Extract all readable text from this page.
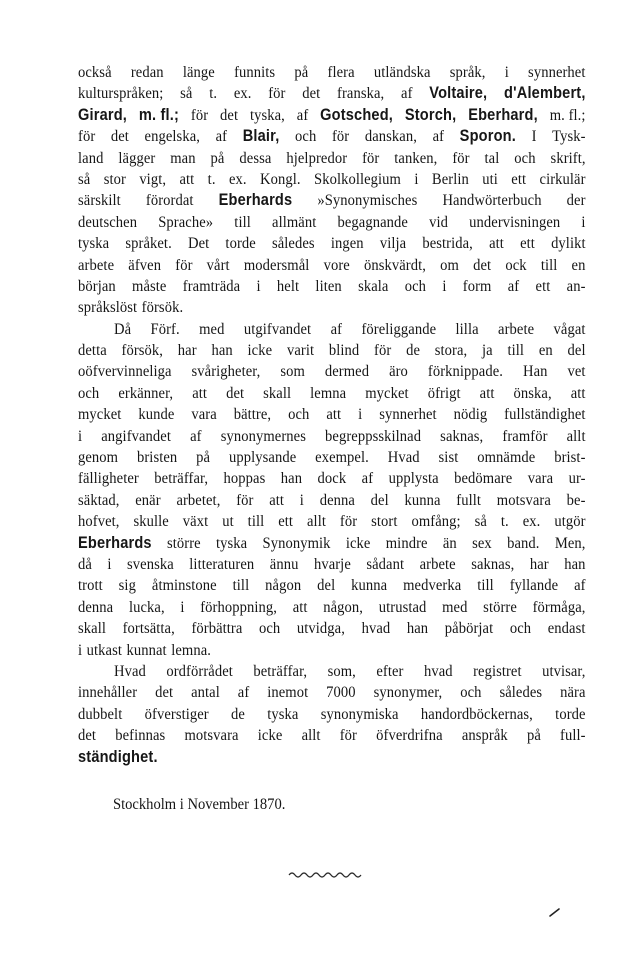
också redan länge funnits på flera utländska språk, i synnerhet
kulturspråken; så t. ex. för det franska, af Voltaire, d'Alembert,
Girard, m. fl.; för det tyska, af Gotsched, Storch, Eberhard, m. fl.;
för det engelska, af Blair, och för danskan, af Sporon. I Tysk-
land lägger man på dessa hjelpredor för tanken, för tal och skrift,
så stor vigt, att t. ex. Kongl. Skolkollegium i Berlin uti ett cirkulär
särskilt förordat Eberhards »Synonymisches Handwörterbuch der
deutschen Sprache» till allmänt begagnande vid undervisningen i
tyska språket. Det torde således ingen vilja bestrida, att ett dylikt
arbete äfven för vårt modersmål vore önskvärdt, om det ock till en
början måste framträda i helt liten skala och i form af ett an-
språkslöst försök.
Då Förf. med utgifvandet af föreliggande lilla arbete vågat
detta försök, har han icke varit blind för de stora, ja till en del
oöfvervinneliga svårigheter, som dermed äro förknippade. Han vet
och erkänner, att det skall lemna mycket öfrigt att önska, att
mycket kunde vara bättre, och att i synnerhet nödig fullständighet
i angifvandet af synonymernes begreppsskilnad saknas, framför allt
genom bristen på upplysande exempel. Hvad sist omnämde brist-
fälligheter beträffar, hoppas han dock af upplysta bedömare vara ur-
säktad, enär arbetet, för att i denna del kunna fullt motsvara be-
hofvet, skulle växt ut till ett allt för stort omfång; så t. ex. utgör
Eberhards större tyska Synonymik icke mindre än sex band. Men,
då i svenska litteraturen ännu hvarje sådant arbete saknas, har han
trott sig åtminstone till någon del kunna medverka till fyllande af
denna lucka, i förhoppning, att någon, utrustad med större förmåga,
skall fortsätta, förbättra och utvidga, hvad han påbörjat och endast
i utkast kunnat lemna.
Hvad ordförrådet beträffar, som, efter hvad registret utvisar,
innehåller det antal af inemot 7000 synonymer, och således nära
dubbelt öfverstiger de tyska synonymiska handordböckernas, torde
det befinnas motsvara icke allt för öfverdrifna anspråk på full-
ständighet.
Stockholm i November 1870.
